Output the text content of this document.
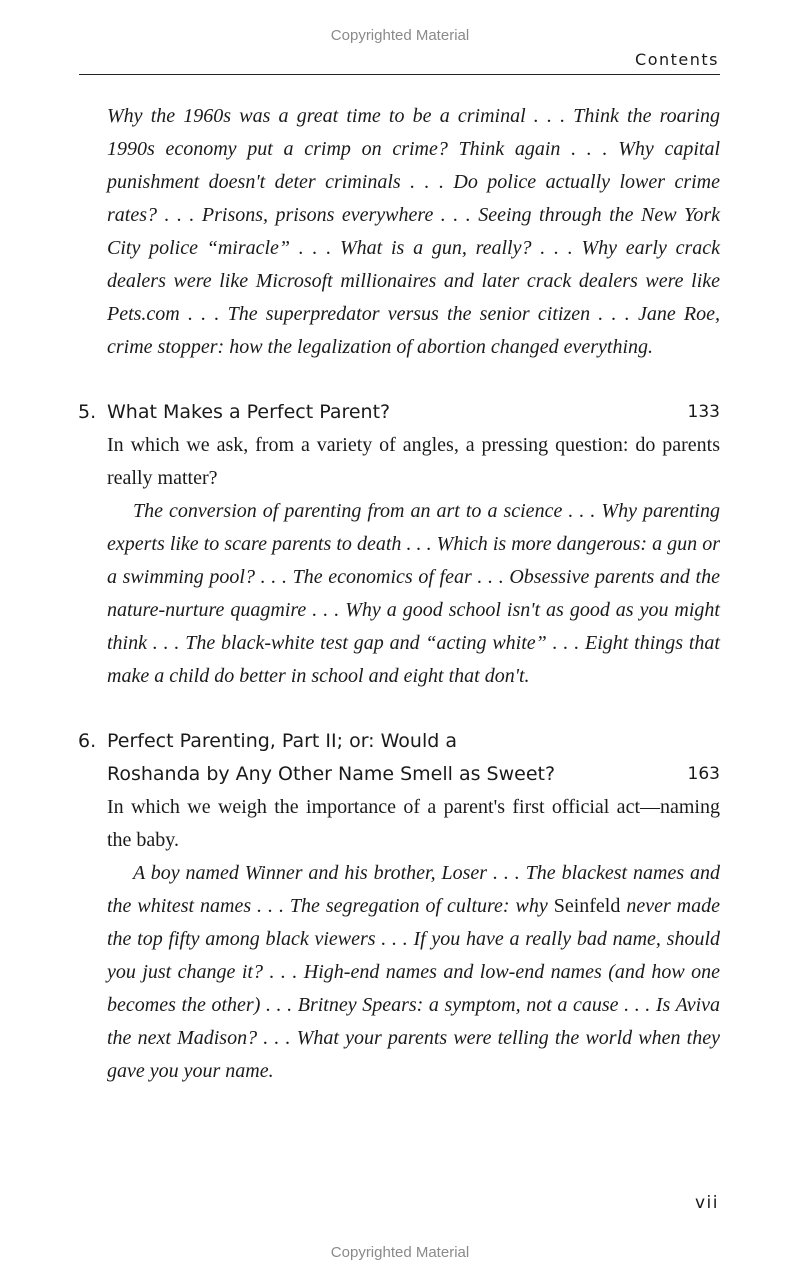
Copyrighted Material
Contents

Why the 1960s was a great time to be a criminal . . . Think the roaring 1990s economy put a crimp on crime? Think again . . . Why capital punishment doesn't deter criminals . . . Do police actually lower crime rates? . . . Prisons, prisons everywhere . . . Seeing through the New York City police “miracle” . . . What is a gun, really? . . . Why early crack dealers were like Microsoft millionaires and later crack dealers were like Pets.com . . . The superpredator versus the senior citizen . . . Jane Roe, crime stopper: how the legalization of abortion changed everything.

5. What Makes a Perfect Parent?	133

In which we ask, from a variety of angles, a pressing question: do parents really matter?

The conversion of parenting from an art to a science . . . Why parenting experts like to scare parents to death . . . Which is more dangerous: a gun or a swimming pool? . . . The economics of fear . . . Obsessive parents and the nature-nurture quagmire . . . Why a good school isn't as good as you might think . . . The black-white test gap and “acting white” . . . Eight things that make a child do better in school and eight that don't.

6. Perfect Parenting, Part II; or: Would a
Roshanda by Any Other Name Smell as Sweet?	163

In which we weigh the importance of a parent's first official act—naming the baby.

A boy named Winner and his brother, Loser . . . The blackest names and the whitest names . . . The segregation of culture: why Seinfeld never made the top fifty among black viewers . . . If you have a really bad name, should you just change it? . . . High-end names and low-end names (and how one becomes the other) . . . Britney Spears: a symptom, not a cause . . . Is Aviva the next Madison? . . . What your parents were telling the world when they gave you your name.

vii
Copyrighted Material
